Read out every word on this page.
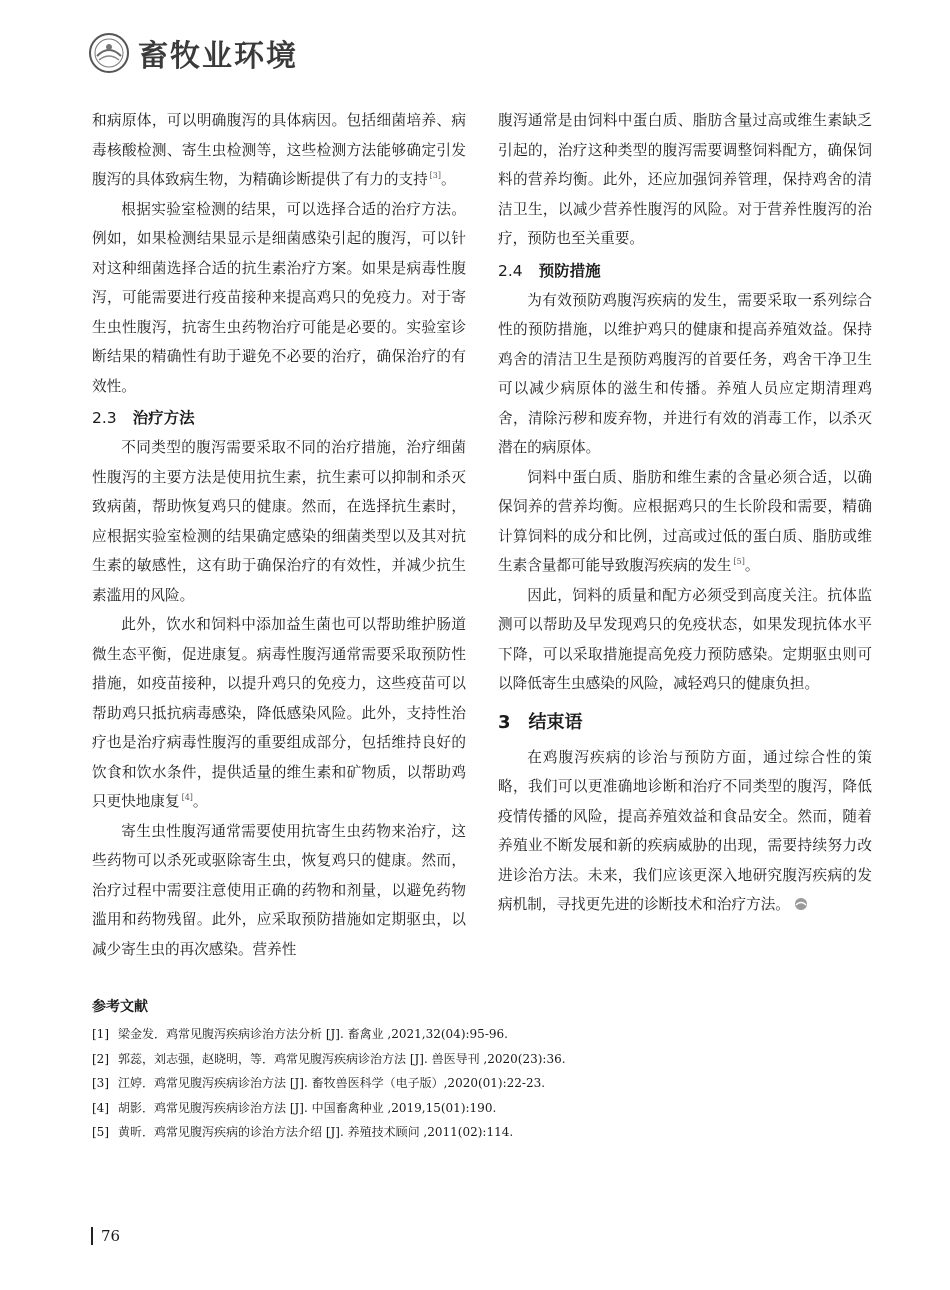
畜牧业环境

和病原体，可以明确腹泻的具体病因。包括细菌培养、病毒核酸检测、寄生虫检测等，这些检测方法能够确定引发腹泻的具体致病生物，为精确诊断提供了有力的支持 [3]。

根据实验室检测的结果，可以选择合适的治疗方法。例如，如果检测结果显示是细菌感染引起的腹泻，可以针对这种细菌选择合适的抗生素治疗方案。如果是病毒性腹泻，可能需要进行疫苗接种来提高鸡只的免疫力。对于寄生虫性腹泻，抗寄生虫药物治疗可能是必要的。实验室诊断结果的精确性有助于避免不必要的治疗，确保治疗的有效性。

2.3 治疗方法

不同类型的腹泻需要采取不同的治疗措施，治疗细菌性腹泻的主要方法是使用抗生素，抗生素可以抑制和杀灭致病菌，帮助恢复鸡只的健康。然而，在选择抗生素时，应根据实验室检测的结果确定感染的细菌类型以及其对抗生素的敏感性，这有助于确保治疗的有效性，并减少抗生素滥用的风险。

此外，饮水和饲料中添加益生菌也可以帮助维护肠道微生态平衡，促进康复。病毒性腹泻通常需要采取预防性措施，如疫苗接种，以提升鸡只的免疫力，这些疫苗可以帮助鸡只抵抗病毒感染，降低感染风险。此外，支持性治疗也是治疗病毒性腹泻的重要组成部分，包括维持良好的饮食和饮水条件，提供适量的维生素和矿物质，以帮助鸡只更快地康复 [4]。

寄生虫性腹泻通常需要使用抗寄生虫药物来治疗，这些药物可以杀死或驱除寄生虫，恢复鸡只的健康。然而，治疗过程中需要注意使用正确的药物和剂量，以避免药物滥用和药物残留。此外，应采取预防措施如定期驱虫，以减少寄生虫的再次感染。营养性

腹泻通常是由饲料中蛋白质、脂肪含量过高或维生素缺乏引起的，治疗这种类型的腹泻需要调整饲料配方，确保饲料的营养均衡。此外，还应加强饲养管理，保持鸡舍的清洁卫生，以减少营养性腹泻的风险。对于营养性腹泻的治疗，预防也至关重要。

2.4 预防措施

为有效预防鸡腹泻疾病的发生，需要采取一系列综合性的预防措施，以维护鸡只的健康和提高养殖效益。保持鸡舍的清洁卫生是预防鸡腹泻的首要任务，鸡舍干净卫生可以减少病原体的滋生和传播。养殖人员应定期清理鸡舍，清除污秽和废弃物，并进行有效的消毒工作，以杀灭潜在的病原体。

饲料中蛋白质、脂肪和维生素的含量必须合适，以确保饲养的营养均衡。应根据鸡只的生长阶段和需要，精确计算饲料的成分和比例，过高或过低的蛋白质、脂肪或维生素含量都可能导致腹泻疾病的发生 [5]。

因此，饲料的质量和配方必须受到高度关注。抗体监测可以帮助及早发现鸡只的免疫状态，如果发现抗体水平下降，可以采取措施提高免疫力预防感染。定期驱虫则可以降低寄生虫感染的风险，减轻鸡只的健康负担。

3 结束语

在鸡腹泻疾病的诊治与预防方面，通过综合性的策略，我们可以更准确地诊断和治疗不同类型的腹泻，降低疫情传播的风险，提高养殖效益和食品安全。然而，随着养殖业不断发展和新的疾病威胁的出现，需要持续努力改进诊治方法。未来，我们应该更深入地研究腹泻疾病的发病机制，寻找更先进的诊断技术和治疗方法。

参考文献
[1] 梁金发．鸡常见腹泻疾病诊治方法分析 [J]. 畜禽业 ,2021,32(04):95-96.
[2] 郭蕊，刘志强，赵晓明，等．鸡常见腹泻疾病诊治方法 [J]. 兽医导刊 ,2020(23):36.
[3] 江婷．鸡常见腹泻疾病诊治方法 [J]. 畜牧兽医科学（电子版）,2020(01):22-23.
[4] 胡影．鸡常见腹泻疾病诊治方法 [J]. 中国畜禽种业 ,2019,15(01):190.
[5] 黄昕．鸡常见腹泻疾病的诊治方法介绍 [J]. 养殖技术顾问 ,2011(02):114.
76
